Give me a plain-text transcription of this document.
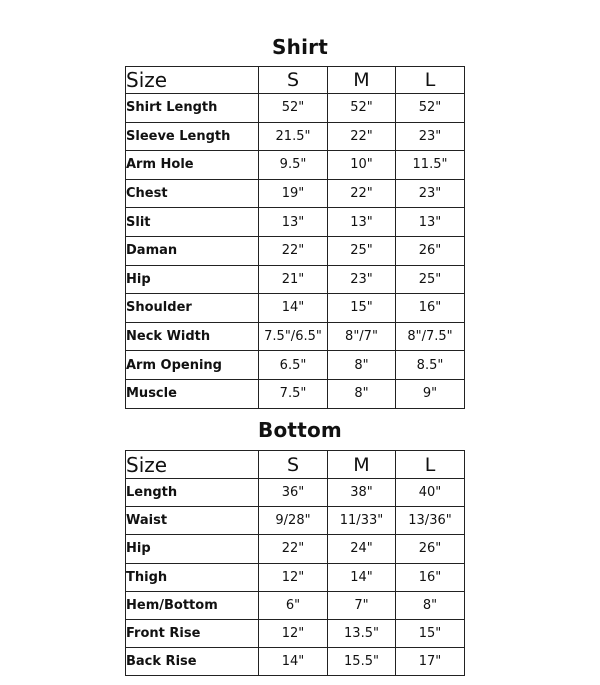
Shirt
Size	S	M	L
Shirt Length	52"	52"	52"
Sleeve Length	21.5"	22"	23"
Arm Hole	9.5"	10"	11.5"
Chest	19"	22"	23"
Slit	13"	13"	13"
Daman	22"	25"	26"
Hip	21"	23"	25"
Shoulder	14"	15"	16"
Neck Width	7.5"/6.5"	8"/7"	8"/7.5"
Arm Opening	6.5"	8"	8.5"
Muscle	7.5"	8"	9"
Bottom
Size	S	M	L
Length	36"	38"	40"
Waist	9/28"	11/33"	13/36"
Hip	22"	24"	26"
Thigh	12"	14"	16"
Hem/Bottom	6"	7"	8"
Front Rise	12"	13.5"	15"
Back Rise	14"	15.5"	17"
